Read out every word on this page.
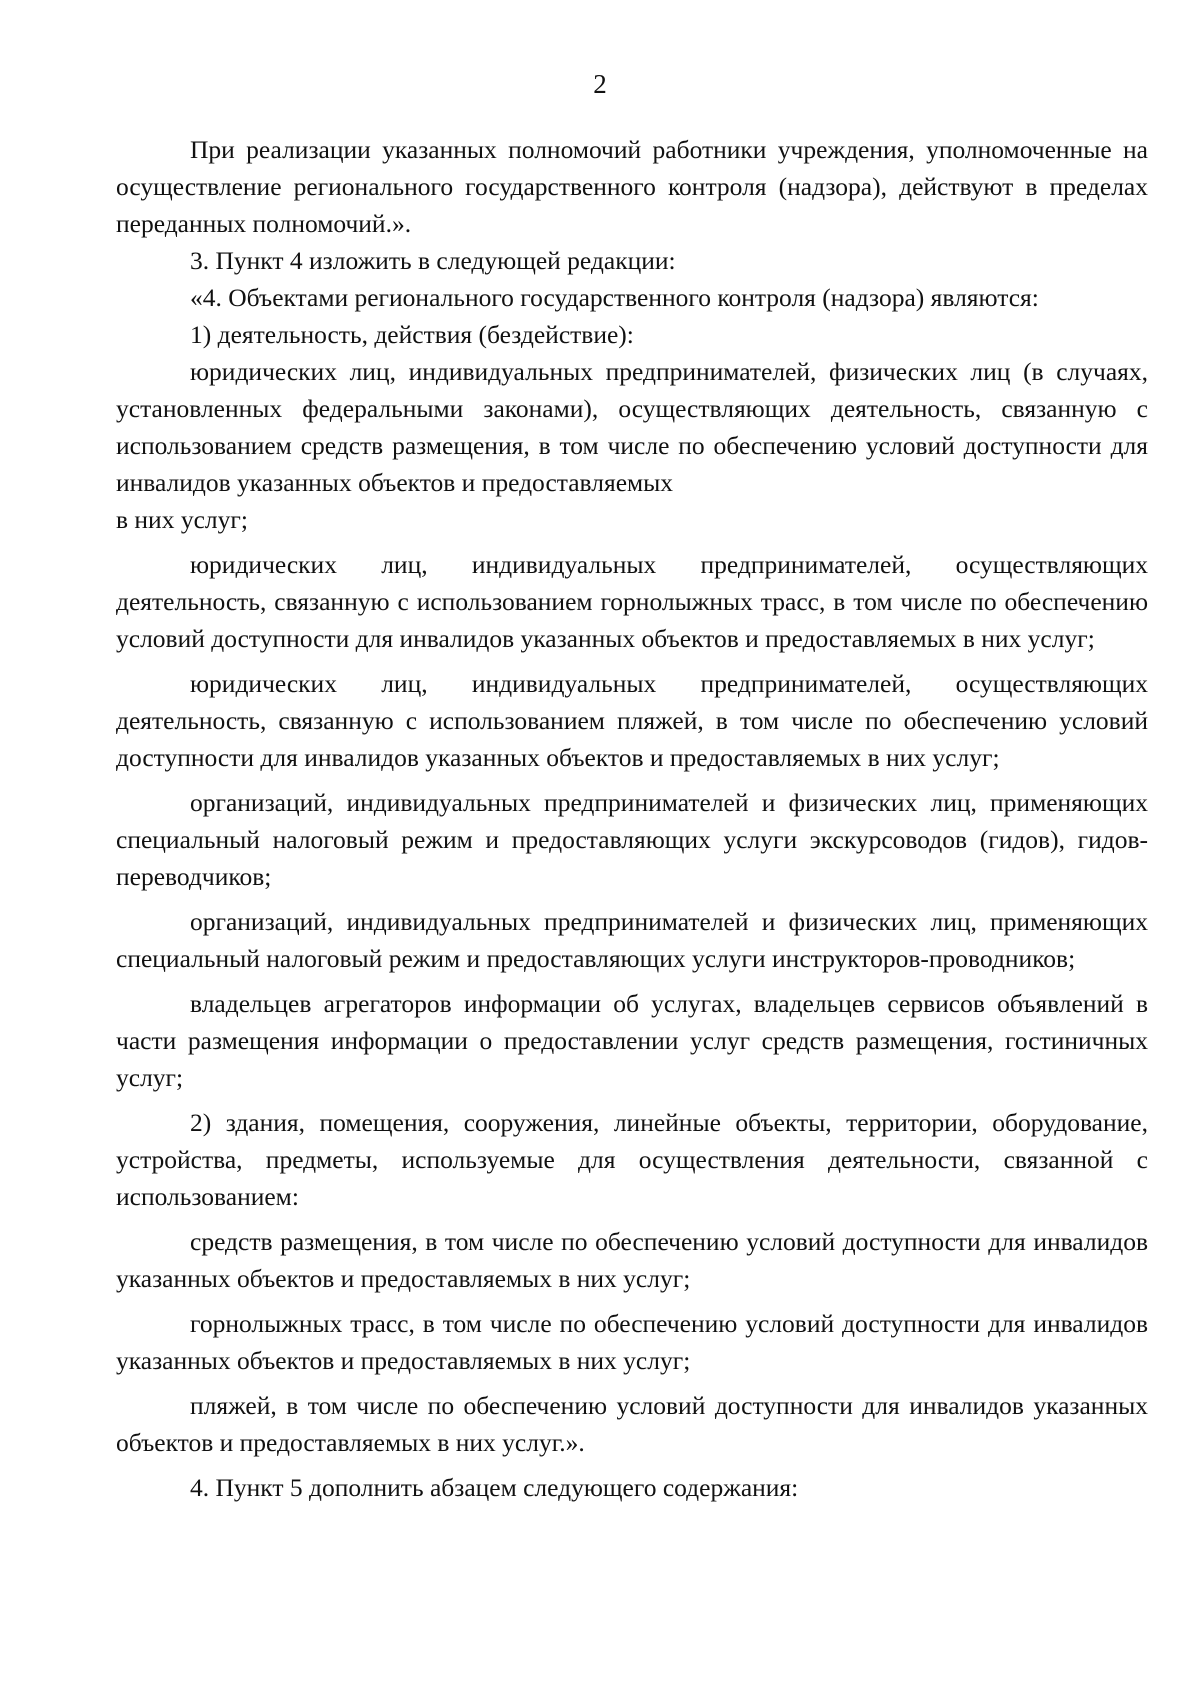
2

При реализации указанных полномочий работники учреждения, уполномоченные на осуществление регионального государственного контроля (надзора), действуют в пределах переданных полномочий.».

3. Пункт 4 изложить в следующей редакции:

«4. Объектами регионального государственного контроля (надзора) являются:

1) деятельность, действия (бездействие):

юридических лиц, индивидуальных предпринимателей, физических лиц (в случаях, установленных федеральными законами), осуществляющих деятельность, связанную с использованием средств размещения, в том числе по обеспечению условий доступности для инвалидов указанных объектов и предоставляемых

в них услуг;

юридических лиц, индивидуальных предпринимателей, осуществляющих деятельность, связанную с использованием горнолыжных трасс, в том числе по обеспечению условий доступности для инвалидов указанных объектов и предоставляемых в них услуг;

юридических лиц, индивидуальных предпринимателей, осуществляющих деятельность, связанную с использованием пляжей, в том числе по обеспечению условий доступности для инвалидов указанных объектов и предоставляемых в них услуг;

организаций, индивидуальных предпринимателей и физических лиц, применяющих специальный налоговый режим и предоставляющих услуги экскурсоводов (гидов), гидов-переводчиков;

организаций, индивидуальных предпринимателей и физических лиц, применяющих специальный налоговый режим и предоставляющих услуги инструкторов-проводников;

владельцев агрегаторов информации об услугах, владельцев сервисов объявлений в части размещения информации о предоставлении услуг средств размещения, гостиничных услуг;

2) здания, помещения, сооружения, линейные объекты, территории, оборудование, устройства, предметы, используемые для осуществления деятельности, связанной с использованием:

средств размещения, в том числе по обеспечению условий доступности для инвалидов указанных объектов и предоставляемых в них услуг;

горнолыжных трасс, в том числе по обеспечению условий доступности для инвалидов указанных объектов и предоставляемых в них услуг;

пляжей, в том числе по обеспечению условий доступности для инвалидов указанных объектов и предоставляемых в них услуг.».

4. Пункт 5 дополнить абзацем следующего содержания:
